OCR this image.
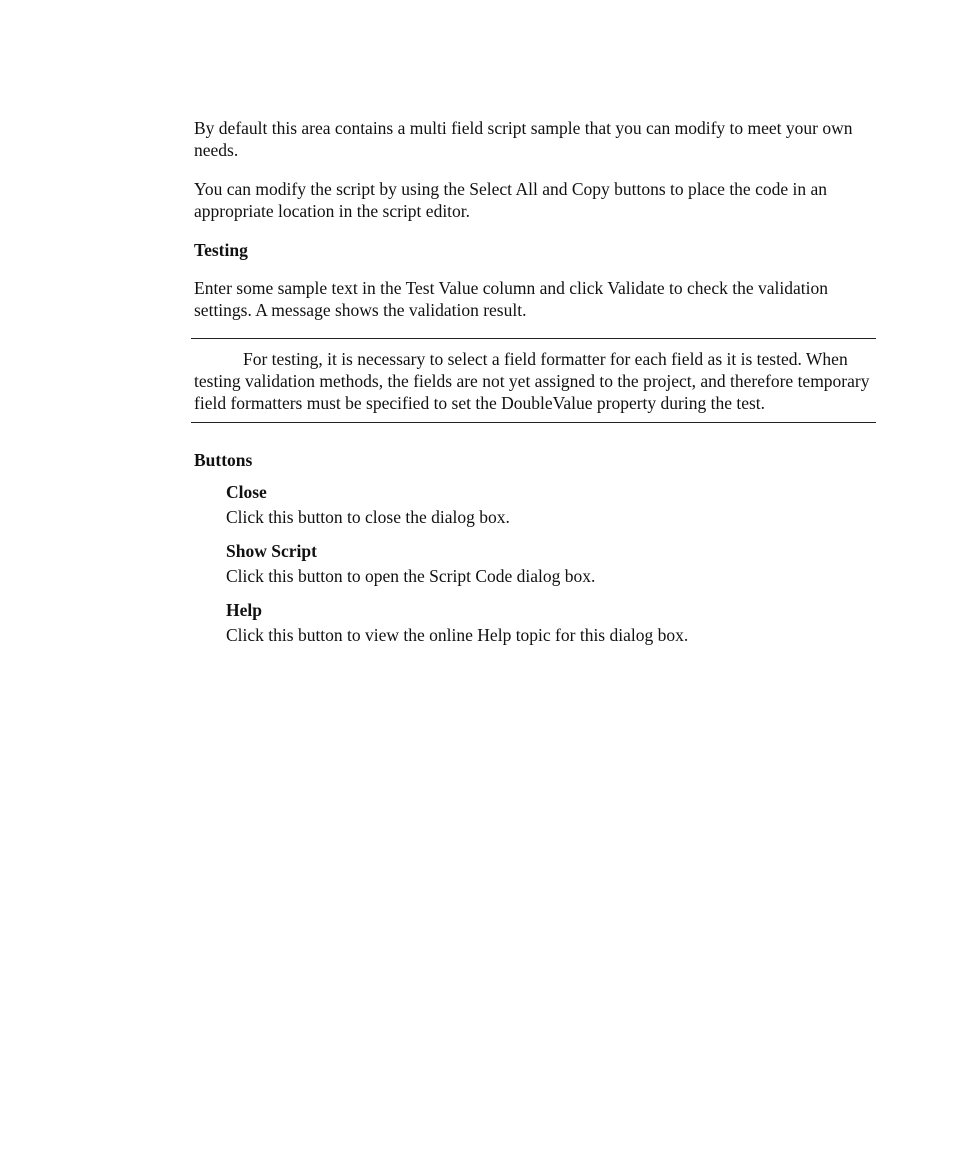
By default this area contains a multi field script sample that you can modify to meet your own needs.

You can modify the script by using the Select All and Copy buttons to place the code in an appropriate location in the script editor.

Testing

Enter some sample text in the Test Value column and click Validate to check the validation settings. A message shows the validation result.

For testing, it is necessary to select a field formatter for each field as it is tested. When testing validation methods, the fields are not yet assigned to the project, and therefore temporary field formatters must be specified to set the DoubleValue property during the test.

Buttons

Close
Click this button to close the dialog box.
Show Script
Click this button to open the Script Code dialog box.
Help
Click this button to view the online Help topic for this dialog box.
